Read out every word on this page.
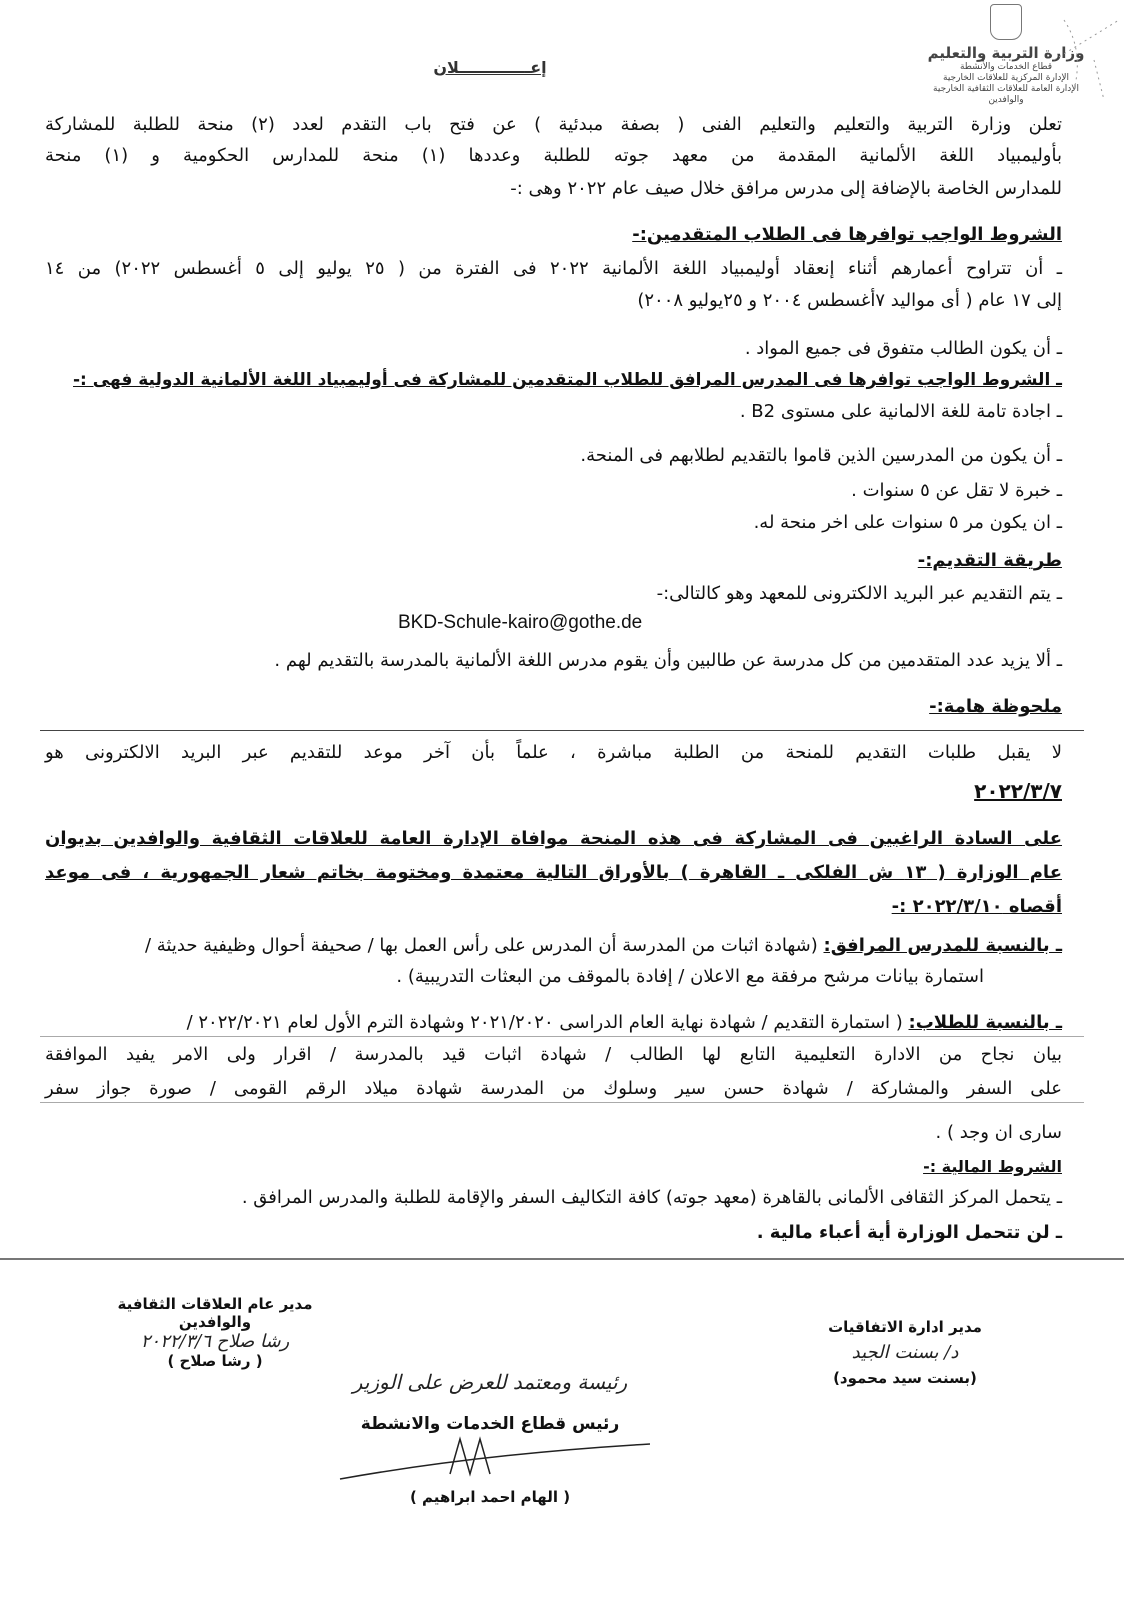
وزارة التربية والتعليم
قطاع الخدمات والأنشطة
الإدارة المركزية للعلاقات الخارجية
الإدارة العامة للعلاقات الثقافية الخارجية والوافدين
إعـــــــــــــلان
تعلن وزارة التربية والتعليم والتعليم الفنى ( بصفة مبدئية ) عن فتح باب التقدم لعدد (٢) منحة للطلبة للمشاركة
بأوليمبياد اللغة الألمانية المقدمة من معهد جوته للطلبة وعددها (١) منحة للمدارس الحكومية و (١) منحة
للمدارس الخاصة بالإضافة إلى مدرس مرافق خلال صيف عام ٢٠٢٢ وهى :-
الشروط الواجب توافرها فى الطلاب المتقدمين:-
ـ أن تتراوح أعمارهم أثناء إنعقاد أوليمبياد اللغة الألمانية ٢٠٢٢ فى الفترة من ( ٢٥ يوليو إلى ٥ أغسطس ٢٠٢٢) من ١٤
إلى ١٧ عام ( أى مواليد ٧أغسطس ٢٠٠٤ و ٢٥يوليو ٢٠٠٨)
ـ أن يكون الطالب متفوق فى جميع المواد .
ـ الشروط الواجب توافرها فى المدرس المرافق للطلاب المتقدمين للمشاركة فى أوليمبياد اللغة الألمانية الدولية فهى :-
ـ اجادة تامة للغة الالمانية على مستوى B2 .
ـ أن يكون من المدرسين الذين قاموا بالتقديم لطلابهم فى المنحة.
ـ خبرة لا تقل عن ٥ سنوات .
ـ ان يكون مر ٥ سنوات على اخر منحة له.
طريقة التقديم:-
ـ يتم التقديم عبر البريد الالكترونى للمعهد وهو كالتالى:-
BKD-Schule-kairo@gothe.de
ـ ألا يزيد عدد المتقدمين من كل مدرسة عن طالبين وأن يقوم مدرس اللغة الألمانية بالمدرسة بالتقديم لهم .
ملحوظة هامة:-
لا يقبل طلبات التقديم للمنحة من الطلبة مباشرة ، علماً بأن آخر موعد للتقديم عبر البريد الالكترونى هو
٢٠٢٢/٣/٧
على السادة الراغبين فى المشاركة فى هذه المنحة موافاة الإدارة العامة للعلاقات الثقافية والوافدين بديوان
عام الوزارة ( ١٣ ش الفلكى ـ القاهرة ) بالأوراق التالية معتمدة ومختومة بخاتم شعار الجمهورية ، فى موعد
أقصاه ٢٠٢٢/٣/١٠ :-
ـ بالنسبة للمدرس المرافق: (شهادة اثبات من المدرسة أن المدرس على رأس العمل بها / صحيفة أحوال وظيفية حديثة /
استمارة بيانات مرشح مرفقة مع الاعلان / إفادة بالموقف من البعثات التدريبية) .
ـ بالنسبة للطلاب: ( استمارة التقديم / شهادة نهاية العام الدراسى ٢٠٢١/٢٠٢٠ وشهادة الترم الأول لعام ٢٠٢٢/٢٠٢١ /
بيان نجاح من الادارة التعليمية التابع لها الطالب / شهادة اثبات قيد بالمدرسة / اقرار ولى الامر يفيد الموافقة
على السفر والمشاركة / شهادة حسن سير وسلوك من المدرسة شهادة ميلاد الرقم القومى / صورة جواز سفر
سارى ان وجد ) .
الشروط المالية :-
ـ يتحمل المركز الثقافى الألمانى بالقاهرة (معهد جوته) كافة التكاليف السفر والإقامة للطلبة والمدرس المرافق .
ـ لن تتحمل الوزارة أية أعباء مالية .
مدير عام العلاقات الثقافية والوافدين
رشا صلاح ٢٠٢٢/٣/٦
( رشا صلاح )
مدير ادارة الاتفاقيات
د/ بسنت الجيد
(بسنت سيد محمود)
رئيسة ومعتمد للعرض على الوزير
رئيس قطاع الخدمات والانشطة
( الهام احمد ابراهيم )
